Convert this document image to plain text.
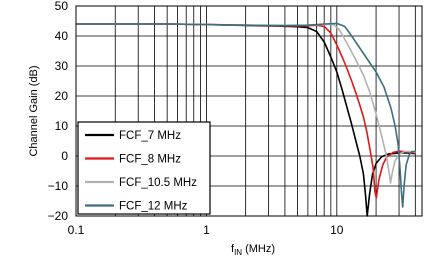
−20
−10
0
10
20
30
40
50
0.1	1	10
Channel Gain (dB)
$f_{IN}$ (MHz)
FCF_7 MHz
FCF_8 MHz
FCF_10.5 MHz
FCF_12 MHz
